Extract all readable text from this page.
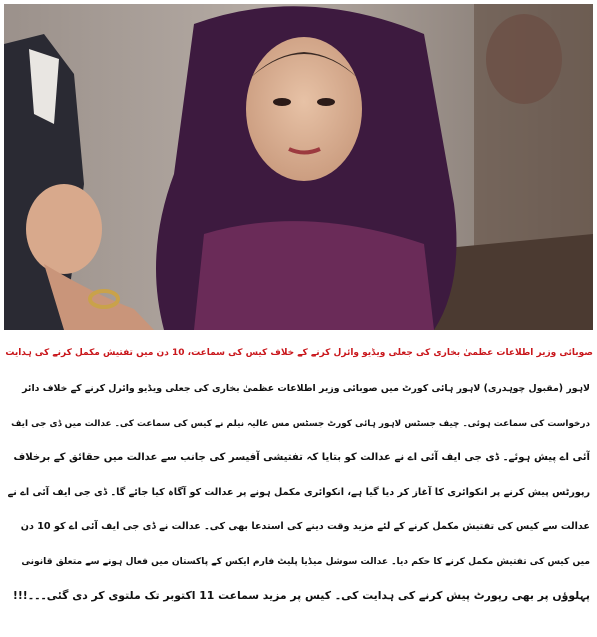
صوبائی وزیر اطلاعات عظمیٰ بخاری کی جعلی ویڈیو وائرل کرنے کے خلاف کیس کی سماعت، 10 دن میں تفتیش مکمل کرنے کی ہدایت
لاہور (مقبول چوہدری) لاہور ہائی کورٹ میں صوبائی وزیر اطلاعات عظمیٰ بخاری کی جعلی ویڈیو وائرل کرنے کے خلاف دائر
درخواست کی سماعت ہوئی۔ چیف جسٹس لاہور ہائی کورٹ جسٹس مس عالیہ نیلم نے کیس کی سماعت کی۔ عدالت میں ڈی جی ایف
آئی اے پیش ہوئے۔ ڈی جی ایف آئی اے نے عدالت کو بتایا کہ تفتیشی آفیسر کی جانب سے عدالت میں حقائق کے برخلاف
رپورٹس پیش کرنے پر انکوائری کا آغاز کر دیا گیا ہے، انکوائری مکمل ہونے پر عدالت کو آگاہ کیا جائے گا۔ ڈی جی ایف آئی اے نے
عدالت سے کیس کی تفتیش مکمل کرنے کے لئے مزید وقت دینے کی استدعا بھی کی۔ عدالت نے ڈی جی ایف آئی اے کو 10 دن
میں کیس کی تفتیش مکمل کرنے کا حکم دیا۔ عدالت سوشل میڈیا پلیٹ فارم ایکس کے پاکستان میں فعال ہونے سے متعلق قانونی
پہلوؤں پر بھی رپورٹ پیش کرنے کی ہدایت کی۔ کیس پر مزید سماعت 11 اکتوبر تک ملتوی کر دی گئی۔۔۔!!!
